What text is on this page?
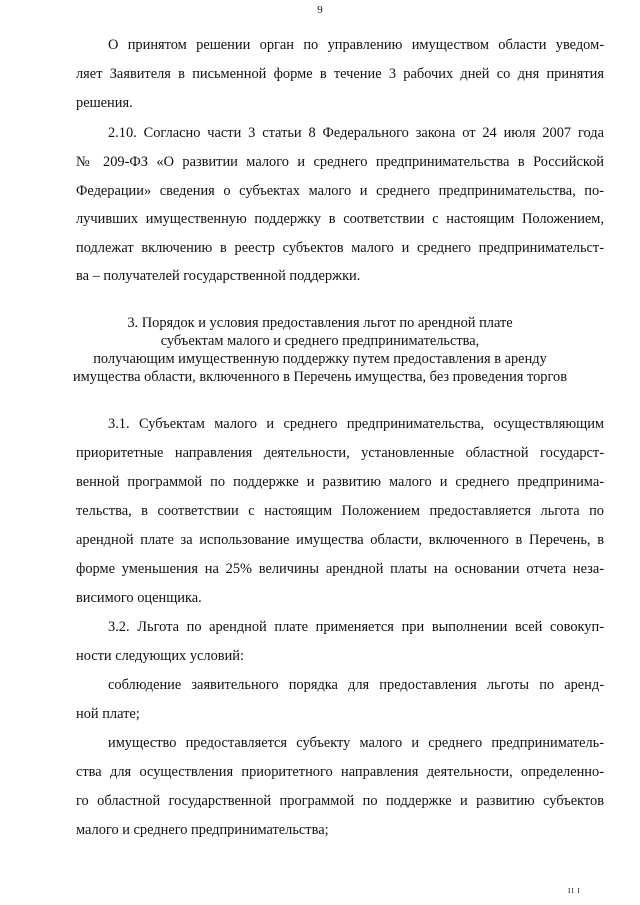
9
О принятом решении орган по управлению имуществом области уведом-
ляет Заявителя в письменной форме в течение 3 рабочих дней со дня принятия
решения.
2.10. Согласно части 3 статьи 8 Федерального закона от 24 июля 2007 года
№ 209-ФЗ «О развитии малого и среднего предпринимательства в Российской
Федерации» сведения о субъектах малого и среднего предпринимательства, по-
лучивших имущественную поддержку в соответствии с настоящим Положением,
подлежат включению в реестр субъектов малого и среднего предпринимательст-
ва – получателей государственной поддержки.
3. Порядок и условия предоставления льгот по арендной плате
субъектам малого и среднего предпринимательства,
получающим имущественную поддержку путем предоставления в аренду
имущества области, включенного в Перечень имущества, без проведения торгов
3.1. Субъектам малого и среднего предпринимательства, осуществляющим
приоритетные направления деятельности, установленные областной государст-
венной программой по поддержке и развитию малого и среднего предпринима-
тельства, в соответствии с настоящим Положением предоставляется льгота по
арендной плате за использование имущества области, включенного в Перечень, в
форме уменьшения на 25% величины арендной платы на основании отчета неза-
висимого оценщика.
3.2. Льгота по арендной плате применяется при выполнении всей совокуп-
ности следующих условий:
соблюдение заявительного порядка для предоставления льготы по аренд-
ной плате;
имущество предоставляется субъекту малого и среднего предприниматель-
ства для осуществления приоритетного направления деятельности, определенно-
го областной государственной программой по поддержке и развитию субъектов
малого и среднего предпринимательства;
II I
